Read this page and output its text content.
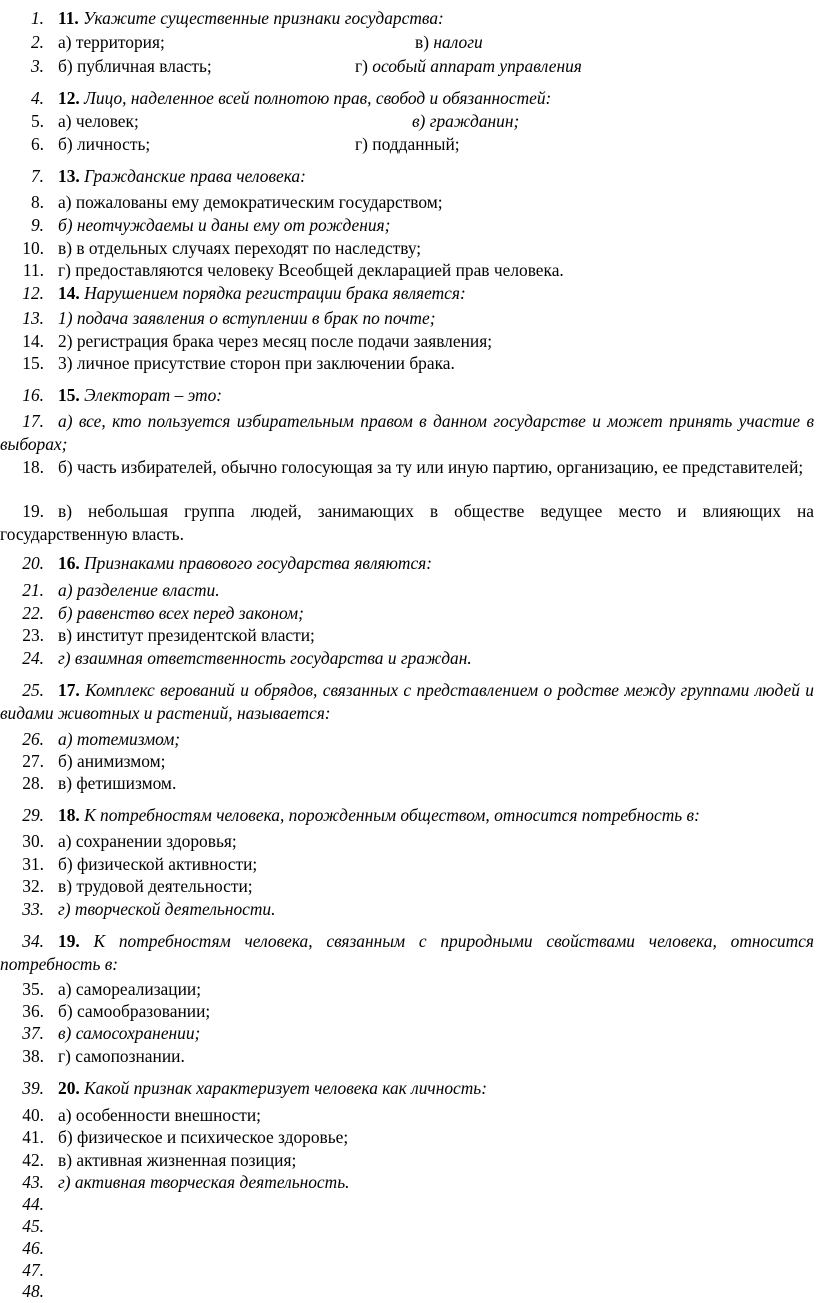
1. 11. Укажите существенные признаки государства:
2. а) территория;	в) налоги
3. б) публичная власть;	г) особый аппарат управления
4. 12. Лицо, наделенное всей полнотою прав, свобод и обязанностей:
5. а) человек;	в) гражданин;
6. б) личность;	г) подданный;
7. 13. Гражданские права человека:
8. а) пожалованы ему демократическим государством;
9. б) неотчуждаемы и даны ему от рождения;
10. в) в отдельных случаях переходят по наследству;
11. г) предоставляются человеку Всеобщей декларацией прав человека.
12. 14. Нарушением порядка регистрации брака является:
13. 1) подача заявления о вступлении в брак по почте;
14. 2) регистрация брака через месяц после подачи заявления;
15. 3) личное присутствие сторон при заключении брака.
16. 15. Электорат – это:
17. а) все, кто пользуется избирательным правом в данном государстве и может принять участие в выборах;
18. б) часть избирателей, обычно голосующая за ту или иную партию, организацию, ее представителей;
19. в) небольшая группа людей, занимающих в обществе ведущее место и влияющих на государственную власть.
20. 16. Признаками правового государства являются:
21. а) разделение власти.
22. б) равенство всех перед законом;
23. в) институт президентской власти;
24. г) взаимная ответственность государства и граждан.
25. 17. Комплекс верований и обрядов, связанных с представлением о родстве между группами людей и видами животных и растений, называется:
26. а) тотемизмом;
27. б) анимизмом;
28. в) фетишизмом.
29. 18. К потребностям человека, порожденным обществом, относится потребность в:
30. а) сохранении здоровья;
31. б) физической активности;
32. в) трудовой деятельности;
33. г) творческой деятельности.
34. 19. К потребностям человека, связанным с природными свойствами человека, относится потребность в:
35. а) самореализации;
36. б) самообразовании;
37. в) самосохранении;
38. г) самопознании.
39. 20. Какой признак характеризует человека как личность:
40. а) особенности внешности;
41. б) физическое и психическое здоровье;
42. в) активная жизненная позиция;
43. г) активная творческая деятельность.
44.
45.
46.
47.
48.
